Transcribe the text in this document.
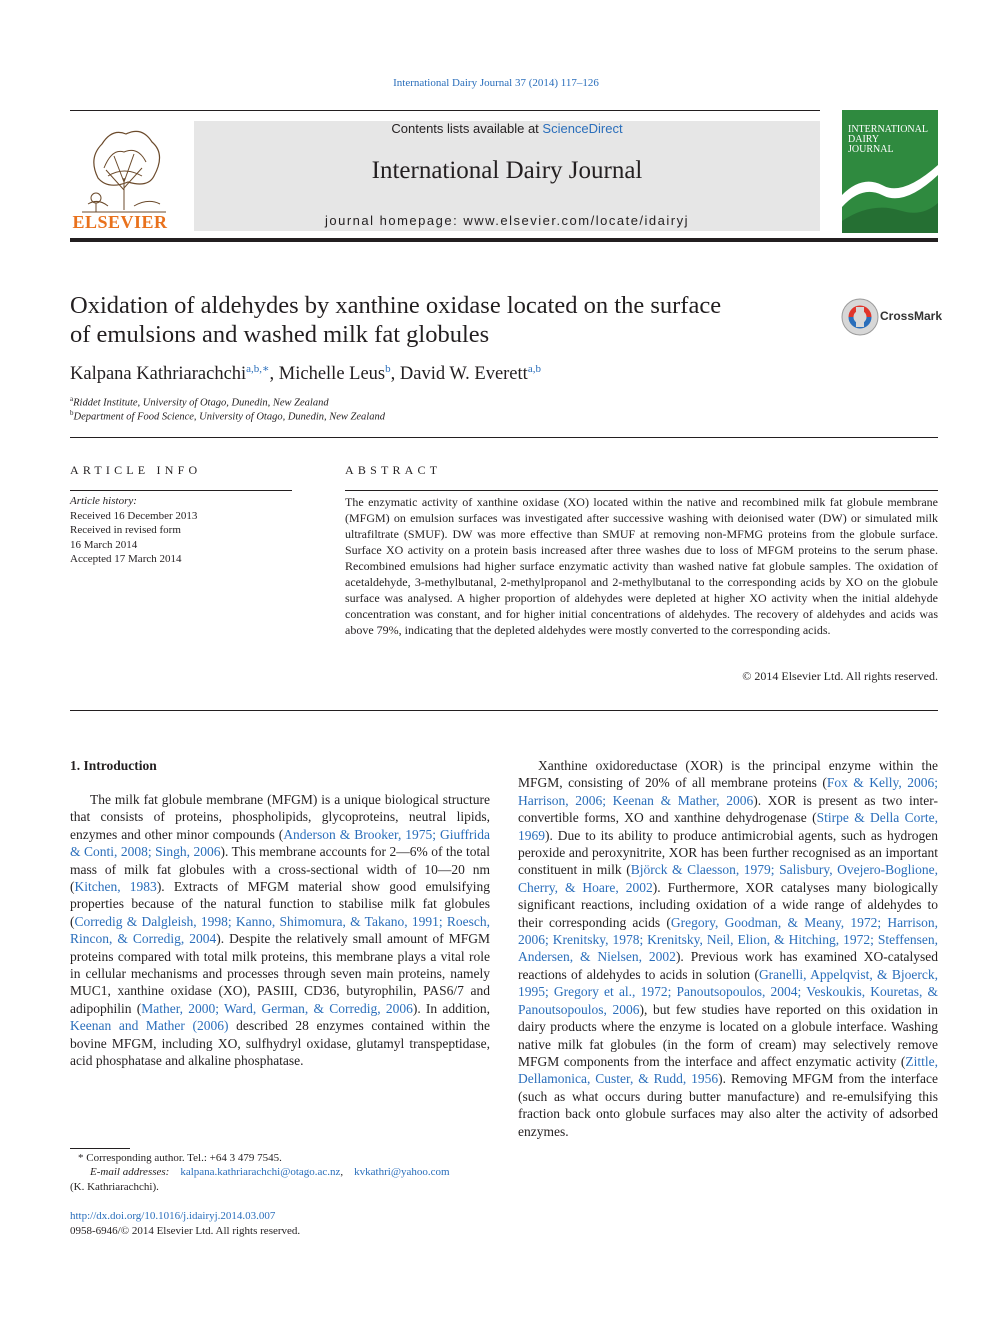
International Dairy Journal 37 (2014) 117–126
ELSEVIER
Contents lists available at ScienceDirect
International Dairy Journal
journal homepage: www.elsevier.com/locate/idairyj
INTERNATIONAL
DAIRY
JOURNAL
Oxidation of aldehydes by xanthine oxidase located on the surface
of emulsions and washed milk fat globules
CrossMark
Kalpana Kathriarachchi$^{a,b,∗}$, Michelle Leus$^b$, David W. Everett$^{a,b}$
$^a$Riddet Institute, University of Otago, Dunedin, New Zealand
$^b$Department of Food Science, University of Otago, Dunedin, New Zealand
ARTICLE INFO	ABSTRACT
Article history:
Received 16 December 2013
Received in revised form
16 March 2014
Accepted 17 March 2014
The enzymatic activity of xanthine oxidase (XO) located within the native and recombined milk fat globule membrane (MFGM) on emulsion surfaces was investigated after successive washing with deionised water (DW) or simulated milk ultrafiltrate (SMUF). DW was more effective than SMUF at removing non-MFMG proteins from the globule surface. Surface XO activity on a protein basis increased after three washes due to loss of MFGM proteins to the serum phase. Recombined emulsions had higher surface enzymatic activity than washed native fat globule samples. The oxidation of acetaldehyde, 3-methylbutanal, 2-methylpropanol and 2-methylbutanal to the corresponding acids by XO on the globule surface was analysed. A higher proportion of aldehydes were depleted at higher XO activity when the initial aldehyde concentration was constant, and for higher initial concentrations of aldehydes. The recovery of aldehydes and acids was above 79%, indicating that the depleted aldehydes were mostly converted to the corresponding acids.
© 2014 Elsevier Ltd. All rights reserved.
1. Introduction

The milk fat globule membrane (MFGM) is a unique biological structure that consists of proteins, phospholipids, glycoproteins, neutral lipids, enzymes and other minor compounds (Anderson & Brooker, 1975; Giuffrida & Conti, 2008; Singh, 2006). This membrane accounts for 2—6% of the total mass of milk fat globules with a cross-sectional width of 10—20 nm (Kitchen, 1983). Extracts of MFGM material show good emulsifying properties because of the natural function to stabilise milk fat globules (Corredig & Dalgleish, 1998; Kanno, Shimomura, & Takano, 1991; Roesch, Rincon, & Corredig, 2004). Despite the relatively small amount of MFGM proteins compared with total milk proteins, this membrane plays a vital role in cellular mechanisms and processes through seven main proteins, namely MUC1, xanthine oxidase (XO), PASIII, CD36, butyrophilin, PAS6/7 and adipophilin (Mather, 2000; Ward, German, & Corredig, 2006). In addition, Keenan and Mather (2006) described 28 enzymes contained within the bovine MFGM, including XO, sulfhydryl oxidase, glutamyl transpeptidase, acid phosphatase and alkaline phosphatase.

Xanthine oxidoreductase (XOR) is the principal enzyme within the MFGM, consisting of 20% of all membrane proteins (Fox & Kelly, 2006; Harrison, 2006; Keenan & Mather, 2006). XOR is present as two inter-convertible forms, XO and xanthine dehydrogenase (Stirpe & Della Corte, 1969). Due to its ability to produce antimicrobial agents, such as hydrogen peroxide and peroxynitrite, XOR has been further recognised as an important constituent in milk (Björck & Claesson, 1979; Salisbury, Ovejero-Boglione, Cherry, & Hoare, 2002). Furthermore, XOR catalyses many biologically significant reactions, including oxidation of a wide range of aldehydes to their corresponding acids (Gregory, Goodman, & Meany, 1972; Harrison, 2006; Krenitsky, 1978; Krenitsky, Neil, Elion, & Hitching, 1972; Steffensen, Andersen, & Nielsen, 2002). Previous work has examined XO-catalysed reactions of aldehydes to acids in solution (Granelli, Appelqvist, & Bjoerck, 1995; Gregory et al., 1972; Panoutsopoulos, 2004; Veskoukis, Kouretas, & Panoutsopoulos, 2006), but few studies have reported on this oxidation in dairy products where the enzyme is located on a globule interface. Washing native milk fat globules (in the form of cream) may selectively remove MFGM components from the interface and affect enzymatic activity (Zittle, Dellamonica, Custer, & Rudd, 1956). Removing MFGM from the interface (such as what occurs during butter manufacture) and re-emulsifying this fraction back onto globule surfaces may also alter the activity of adsorbed enzymes.

* Corresponding author. Tel.: +64 3 479 7545.
E-mail addresses: kalpana.kathriarachchi@otago.ac.nz,    kvkathri@yahoo.com
(K. Kathriarachchi).
http://dx.doi.org/10.1016/j.idairyj.2014.03.007
0958-6946/© 2014 Elsevier Ltd. All rights reserved.
